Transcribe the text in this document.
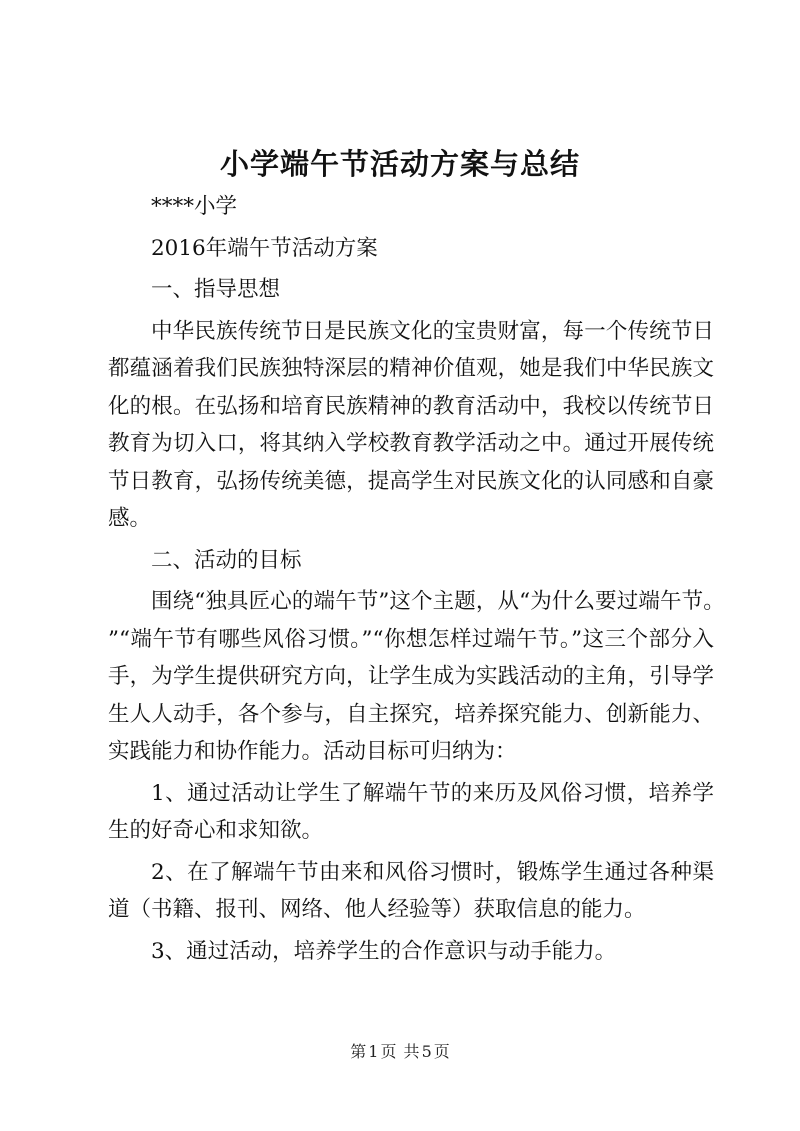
小学端午节活动方案与总结

****小学

2016年端午节活动方案

一、指导思想

中华民族传统节日是民族文化的宝贵财富，每一个传统节日都蕴涵着我们民族独特深层的精神价值观，她是我们中华民族文化的根。在弘扬和培育民族精神的教育活动中，我校以传统节日教育为切入口，将其纳入学校教育教学活动之中。通过开展传统节日教育，弘扬传统美德，提高学生对民族文化的认同感和自豪感。

二、活动的目标

围绕“独具匠心的端午节”这个主题，从“为什么要过端午节。”“端午节有哪些风俗习惯。”“你想怎样过端午节。”这三个部分入手，为学生提供研究方向，让学生成为实践活动的主角，引导学生人人动手，各个参与，自主探究，培养探究能力、创新能力、实践能力和协作能力。活动目标可归纳为：

1、通过活动让学生了解端午节的来历及风俗习惯，培养学生的好奇心和求知欲。

2、在了解端午节由来和风俗习惯时，锻炼学生通过各种渠道（书籍、报刊、网络、他人经验等）获取信息的能力。

3、通过活动，培养学生的合作意识与动手能力。

第 1 页 共 5 页
